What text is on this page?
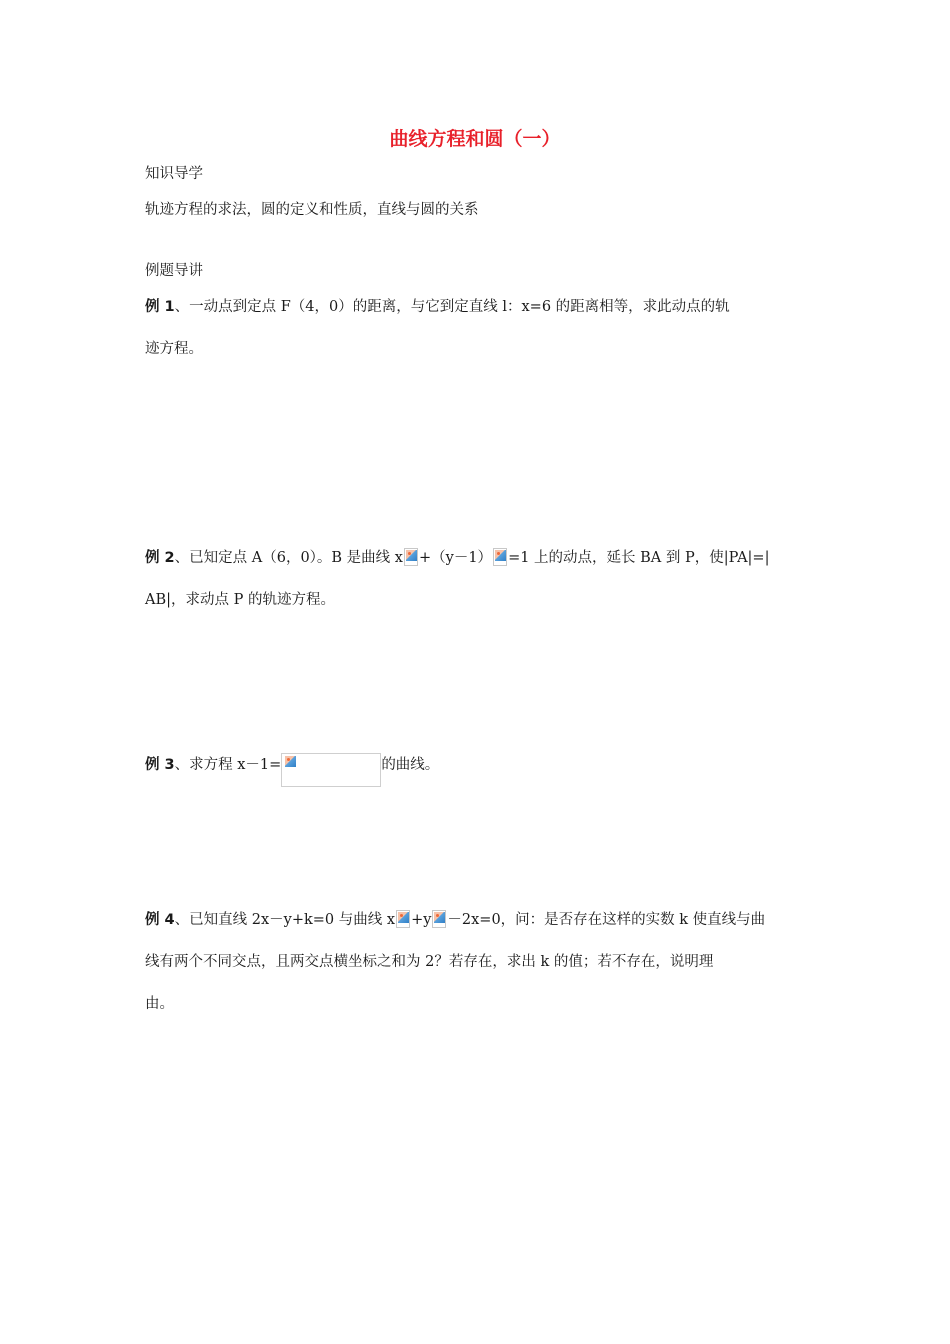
曲线方程和圆（一）
知识导学
轨迹方程的求法，圆的定义和性质，直线与圆的关系
例题导讲
例 1、一动点到定点 F（4，0）的距离，与它到定直线 l：x=6 的距离相等，求此动点的轨
迹方程。
例 2、已知定点 A（6，0）。B 是曲线 x +（y－1） =1 上的动点，延长 BA 到 P，使|PA|=|
AB|，求动点 P 的轨迹方程。
例 3、求方程 x－1=	的曲线。
例 4、已知直线 2x－y+k=0 与曲线 x +y －2x=0，问：是否存在这样的实数 k 使直线与曲
线有两个不同交点，且两交点横坐标之和为 2？若存在，求出 k 的值；若不存在，说明理
由。
